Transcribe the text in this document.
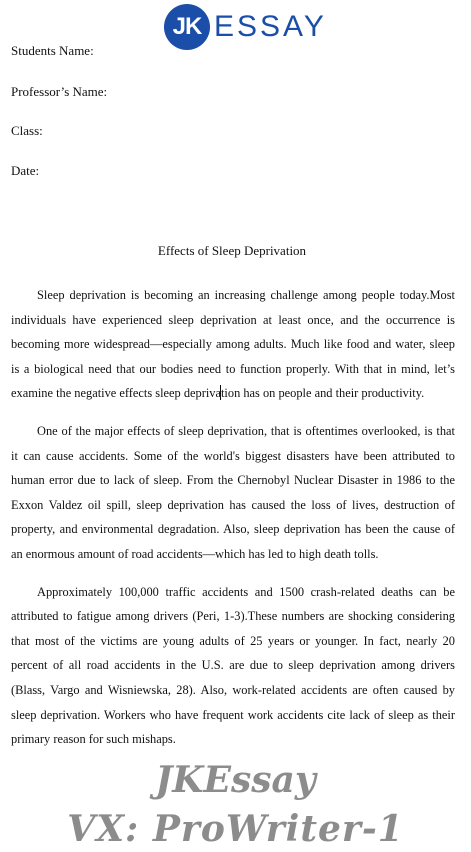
JK ESSAY
Students Name:
Professor’s Name:
Class:
Date:
Effects of Sleep Deprivation

Sleep deprivation is becoming an increasing challenge among people today.Most individuals have experienced sleep deprivation at least once, and the occurrence is becoming more widespread—especially among adults. Much like food and water, sleep is a biological need that our bodies need to function properly. With that in mind, let’s examine the negative effects sleep deprivation has on people and their productivity.

One of the major effects of sleep deprivation, that is oftentimes overlooked, is that it can cause accidents. Some of the world's biggest disasters have been attributed to human error due to lack of sleep. From the Chernobyl Nuclear Disaster in 1986 to the Exxon Valdez oil spill, sleep deprivation has caused the loss of lives, destruction of property, and environmental degradation. Also, sleep deprivation has been the cause of an enormous amount of road accidents—which has led to high death tolls.

Approximately 100,000 traffic accidents and 1500 crash-related deaths can be attributed to fatigue among drivers (Peri, 1-3).These numbers are shocking considering that most of the victims are young adults of 25 years or younger. In fact, nearly 20 percent of all road accidents in the U.S. are due to sleep deprivation among drivers (Blass, Vargo and Wisniewska, 28). Also, work-related accidents are often caused by sleep deprivation. Workers who have frequent work accidents cite lack of sleep as their primary reason for such mishaps.

JKEssay
VX: ProWriter-1
